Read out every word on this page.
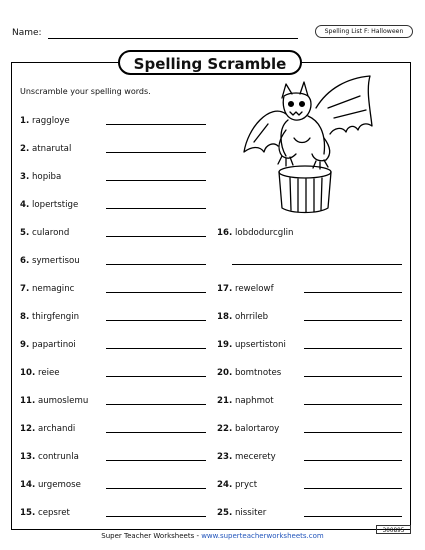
Name:	Spelling List F: Halloween
Spelling Scramble
Unscramble your spelling words.
1. raggloye
2. atnarutal
3. hopiba
4. lopertstige
5. cularond
6. symertisou
7. nemaginc
8. thirgfengin
9. papartinoi
10. reiee
11. aumoslemu
12. archandi
13. contrunla
14. urgemose
15. cepsret
16. lobdodurcglin
17. rewelowf
18. ohrrileb
19. upsertistoni
20. bomtnotes
21. naphmot
22. balortaroy
23. mecerety
24. pryct
25. nissiter
Super Teacher Worksheets - www.superteacherworksheets.com
300895
